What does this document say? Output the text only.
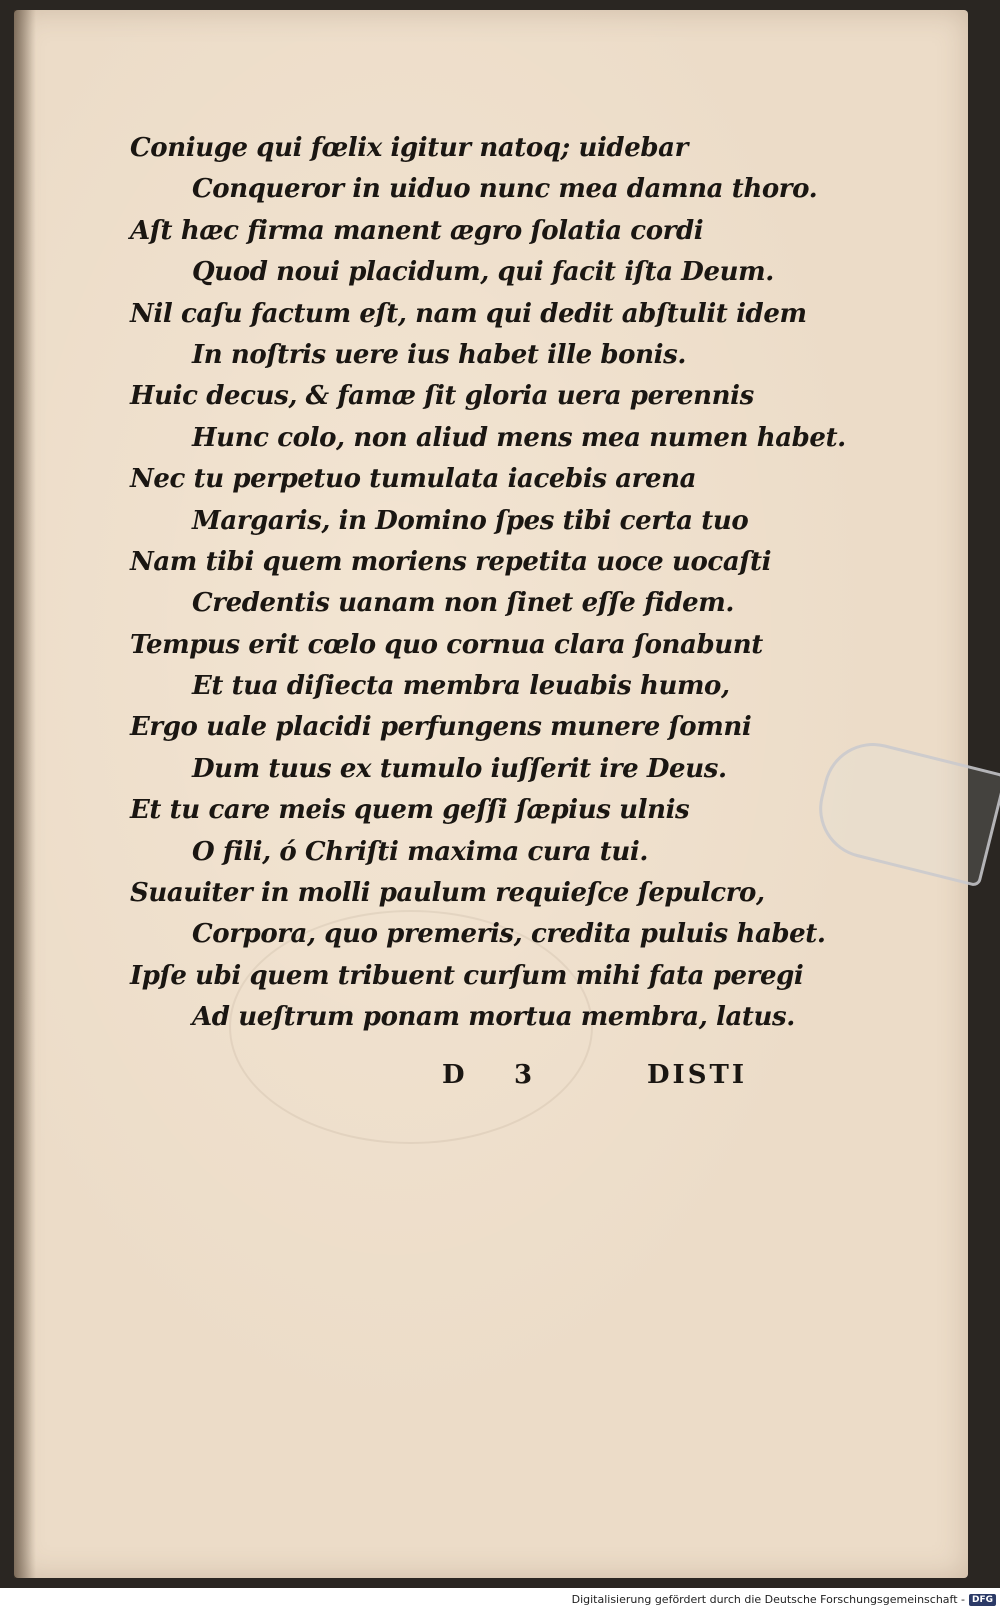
Coniuge qui fœlix igitur natoq; uidebar
Conqueror in uiduo nunc mea damna thoro.
Aſt hæc firma manent ægro ſolatia cordi
Quod noui placidum, qui facit iſta Deum.
Nil caſu factum eſt, nam qui dedit abſtulit idem
In noſtris uere ius habet ille bonis.
Huic decus, & famæ ſit gloria uera perennis
Hunc colo, non aliud mens mea numen habet.
Nec tu perpetuo tumulata iacebis arena
Margaris, in Domino ſpes tibi certa tuo
Nam tibi quem moriens repetita uoce uocaſti
Credentis uanam non ſinet eſſe fidem.
Tempus erit cœlo quo cornua clara ſonabunt
Et tua diſiecta membra leuabis humo,
Ergo uale placidi perfungens munere ſomni
Dum tuus ex tumulo iuſſerit ire Deus.
Et tu care meis quem geſſi ſæpius ulnis
O fili, ó Chriſti maxima cura tui.
Suauiter in molli paulum requieſce ſepulcro,
Corpora, quo premeris, credita puluis habet.
Ipſe ubi quem tribuent curſum mihi fata peregi
Ad ueſtrum ponam mortua membra, latus.
D 3	DISTI
Digitalisierung gefördert durch die Deutsche Forschungsgemeinschaft - DFG
